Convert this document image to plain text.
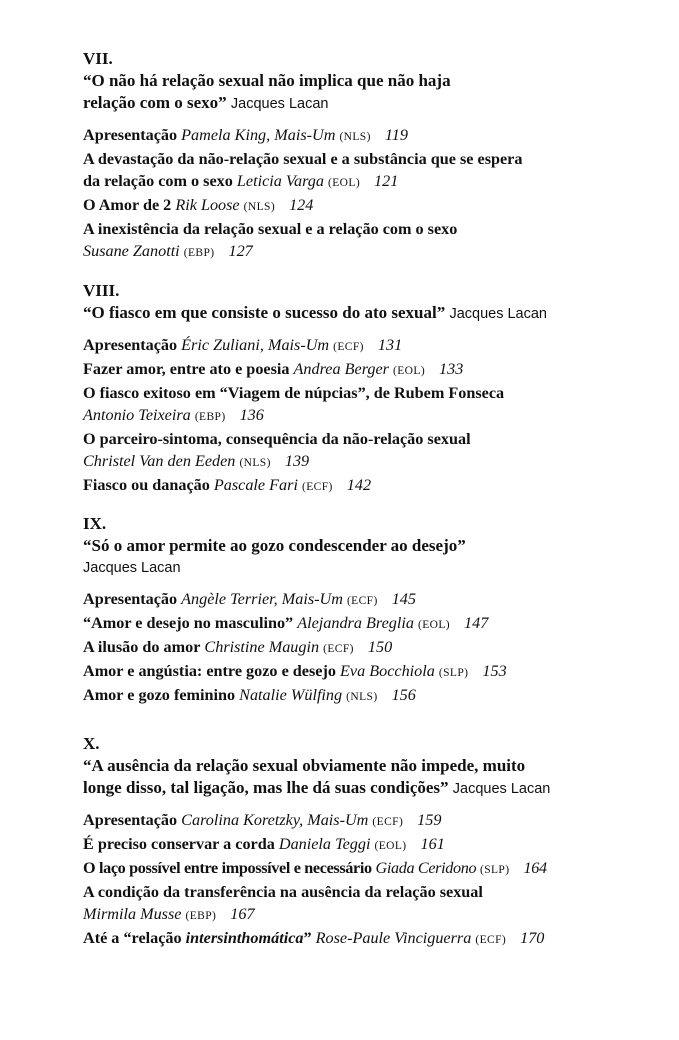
VII.
“O não há relação sexual não implica que não haja
relação com o sexo” Jacques Lacan
Apresentação Pamela King, Mais-Um (NLS) 119
A devastação da não-relação sexual e a substância que se espera
da relação com o sexo Leticia Varga (EOL) 121
O Amor de 2 Rik Loose (NLS) 124
A inexistência da relação sexual e a relação com o sexo
Susane Zanotti (EBP) 127
VIII.
“O fiasco em que consiste o sucesso do ato sexual” Jacques Lacan
Apresentação Éric Zuliani, Mais-Um (ECF) 131
Fazer amor, entre ato e poesia Andrea Berger (EOL) 133
O fiasco exitoso em “Viagem de núpcias”, de Rubem Fonseca
Antonio Teixeira (EBP) 136
O parceiro-sintoma, consequência da não-relação sexual
Christel Van den Eeden (NLS) 139
Fiasco ou danação Pascale Fari (ECF) 142
IX.
“Só o amor permite ao gozo condescender ao desejo”
Jacques Lacan
Apresentação Angèle Terrier, Mais-Um (ECF) 145
“Amor e desejo no masculino” Alejandra Breglia (EOL) 147
A ilusão do amor Christine Maugin (ECF) 150
Amor e angústia: entre gozo e desejo Eva Bocchiola (SLP) 153
Amor e gozo feminino Natalie Wülfing (NLS) 156
X.
“A ausência da relação sexual obviamente não impede, muito
longe disso, tal ligação, mas lhe dá suas condições” Jacques Lacan
Apresentação Carolina Koretzky, Mais-Um (ECF) 159
É preciso conservar a corda Daniela Teggi (EOL) 161
O laço possível entre impossível e necessário Giada Ceridono (SLP) 164
A condição da transferência na ausência da relação sexual
Mirmila Musse (EBP) 167
Até a “relação intersinthomática” Rose-Paule Vinciguerra (ECF) 170
